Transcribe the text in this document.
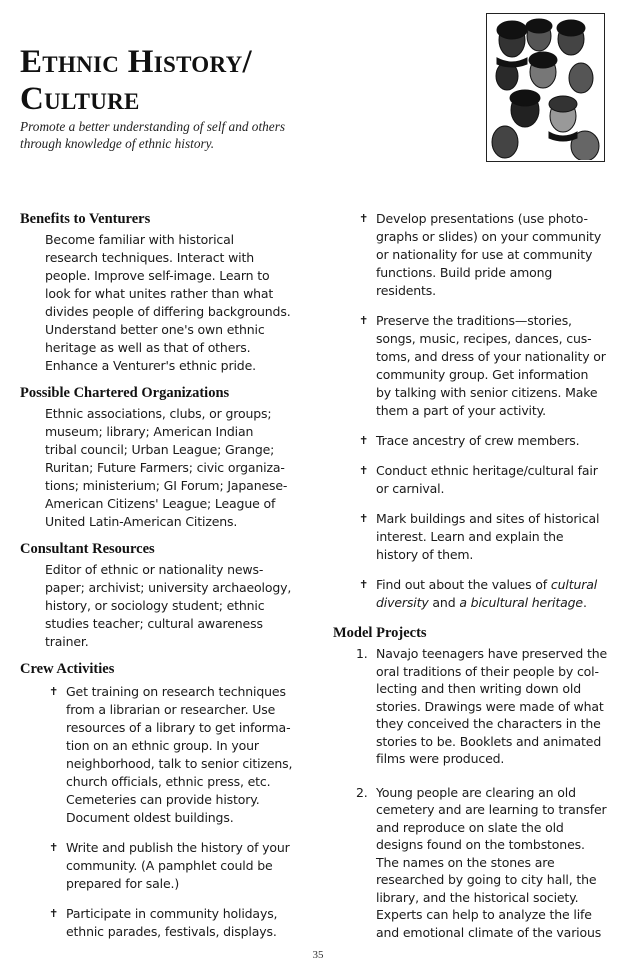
Ethnic History/
Culture
Promote a better understanding of self and others
through knowledge of ethnic history.
Benefits to Venturers
Become familiar with historical
research techniques. Interact with
people. Improve self-image. Learn to
look for what unites rather than what
divides people of differing backgrounds.
Understand better one's own ethnic
heritage as well as that of others.
Enhance a Venturer's ethnic pride.
Possible Chartered Organizations
Ethnic associations, clubs, or groups;
museum; library; American Indian
tribal council; Urban League; Grange;
Ruritan; Future Farmers; civic organiza-
tions; ministerium; GI Forum; Japanese-
American Citizens' League; League of
United Latin-American Citizens.
Consultant Resources
Editor of ethnic or nationality news-
paper; archivist; university archaeology,
history, or sociology student; ethnic
studies teacher; cultural awareness
trainer.
Crew Activities
✝ Get training on research techniques
from a librarian or researcher. Use
resources of a library to get informa-
tion on an ethnic group. In your
neighborhood, talk to senior citizens,
church officials, ethnic press, etc.
Cemeteries can provide history.
Document oldest buildings.
✝ Write and publish the history of your
community. (A pamphlet could be
prepared for sale.)
✝ Participate in community holidays,
ethnic parades, festivals, displays.
✝ Develop presentations (use photo-
graphs or slides) on your community
or nationality for use at community
functions. Build pride among
residents.
✝ Preserve the traditions—stories,
songs, music, recipes, dances, cus-
toms, and dress of your nationality or
community group. Get information
by talking with senior citizens. Make
them a part of your activity.
✝ Trace ancestry of crew members.
✝ Conduct ethnic heritage/cultural fair
or carnival.
✝ Mark buildings and sites of historical
interest. Learn and explain the
history of them.
✝ Find out about the values of cultural
diversity and a bicultural heritage.
Model Projects
1. Navajo teenagers have preserved the
oral traditions of their people by col-
lecting and then writing down old
stories. Drawings were made of what
they conceived the characters in the
stories to be. Booklets and animated
films were produced.
2. Young people are clearing an old
cemetery and are learning to transfer
and reproduce on slate the old
designs found on the tombstones.
The names on the stones are
researched by going to city hall, the
library, and the historical society.
Experts can help to analyze the life
and emotional climate of the various
35
